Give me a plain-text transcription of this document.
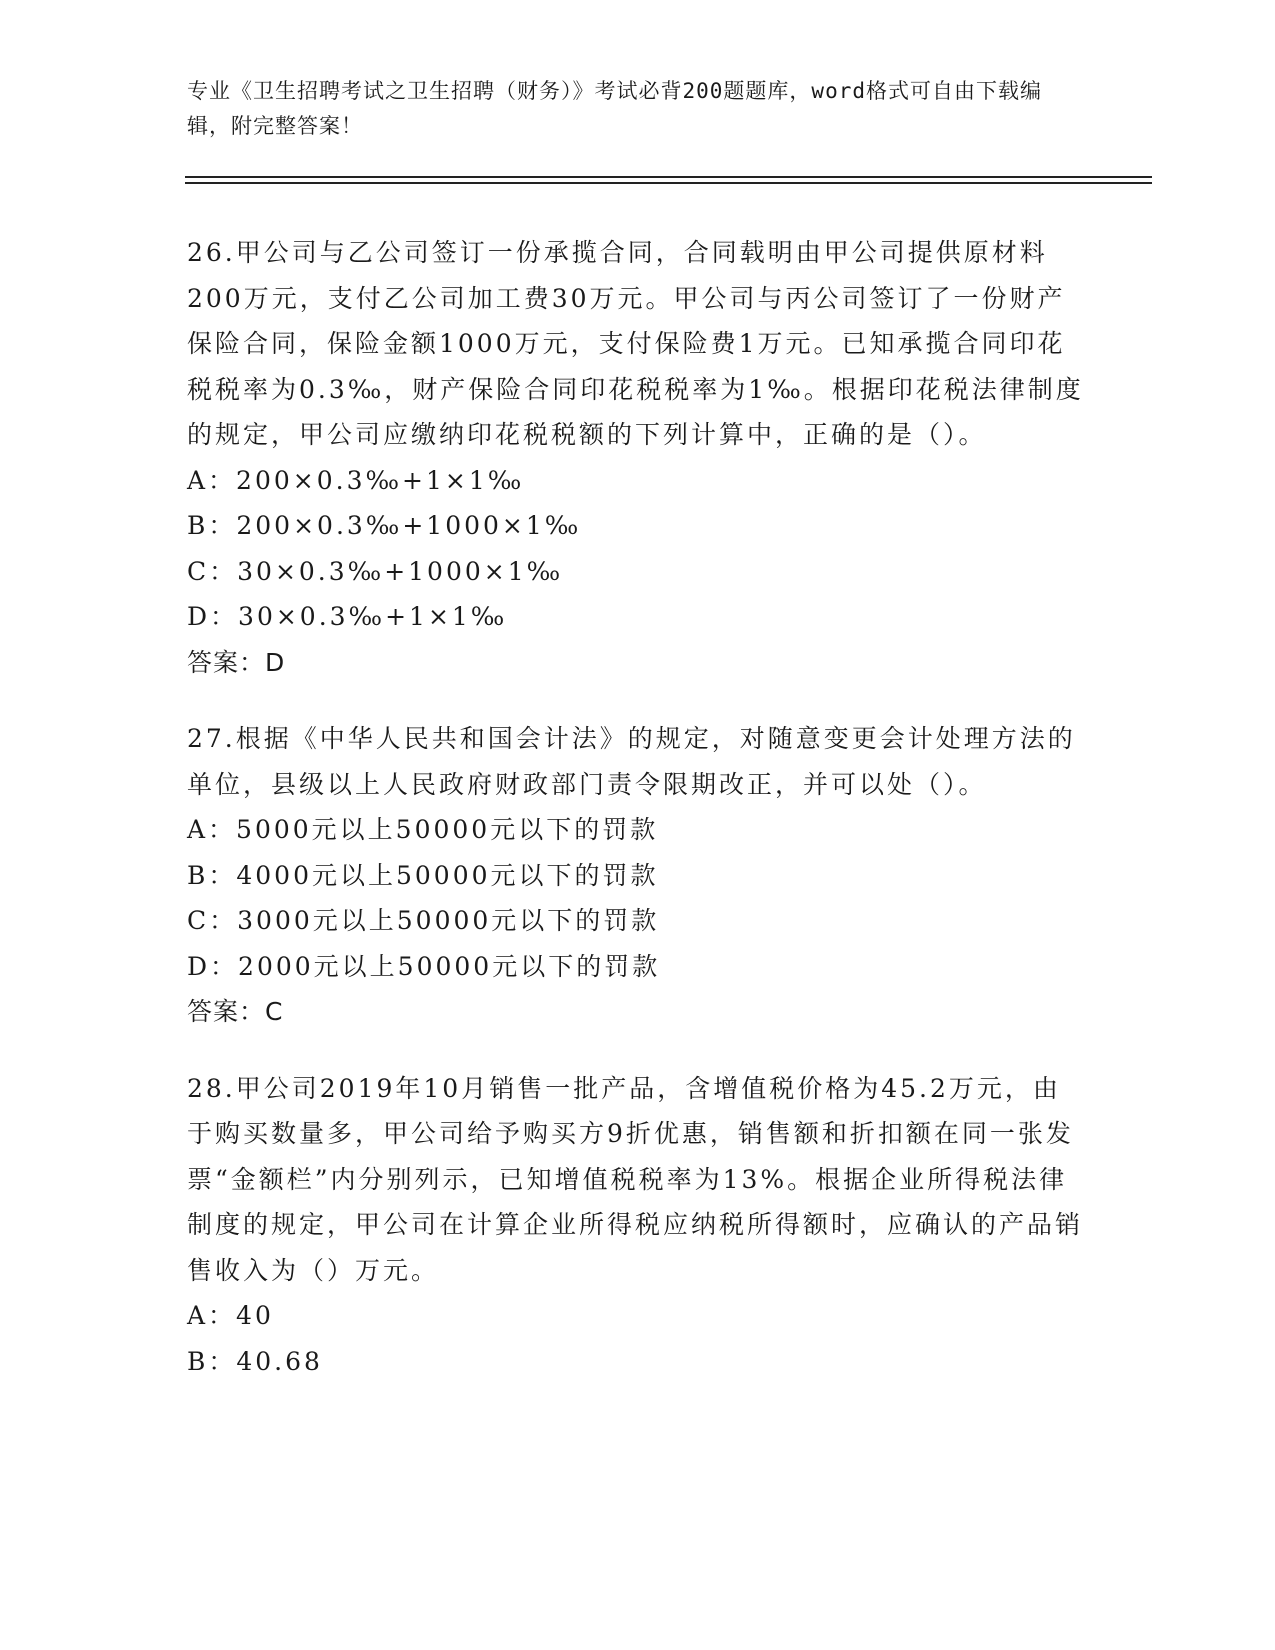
专业《卫生招聘考试之卫生招聘（财务）》考试必背200题题库，word格式可自由下载编辑，附完整答案！

26.甲公司与乙公司签订一份承揽合同，合同载明由甲公司提供原材料200万元，支付乙公司加工费30万元。甲公司与丙公司签订了一份财产保险合同，保险金额1000万元，支付保险费1万元。已知承揽合同印花税税率为0.3‰，财产保险合同印花税税率为1‰。根据印花税法律制度的规定，甲公司应缴纳印花税税额的下列计算中，正确的是（）。

A：200×0.3‰+1×1‰

B：200×0.3‰+1000×1‰

C：30×0.3‰+1000×1‰

D：30×0.3‰+1×1‰

答案：D

27.根据《中华人民共和国会计法》的规定，对随意变更会计处理方法的单位，县级以上人民政府财政部门责令限期改正，并可以处（）。

A：5000元以上50000元以下的罚款

B：4000元以上50000元以下的罚款

C：3000元以上50000元以下的罚款

D：2000元以上50000元以下的罚款

答案：C

28.甲公司2019年10月销售一批产品，含增值税价格为45.2万元，由于购买数量多，甲公司给予购买方9折优惠，销售额和折扣额在同一张发票“金额栏”内分别列示，已知增值税税率为13%。根据企业所得税法律制度的规定，甲公司在计算企业所得税应纳税所得额时，应确认的产品销售收入为（）万元。

A：40

B：40.68
